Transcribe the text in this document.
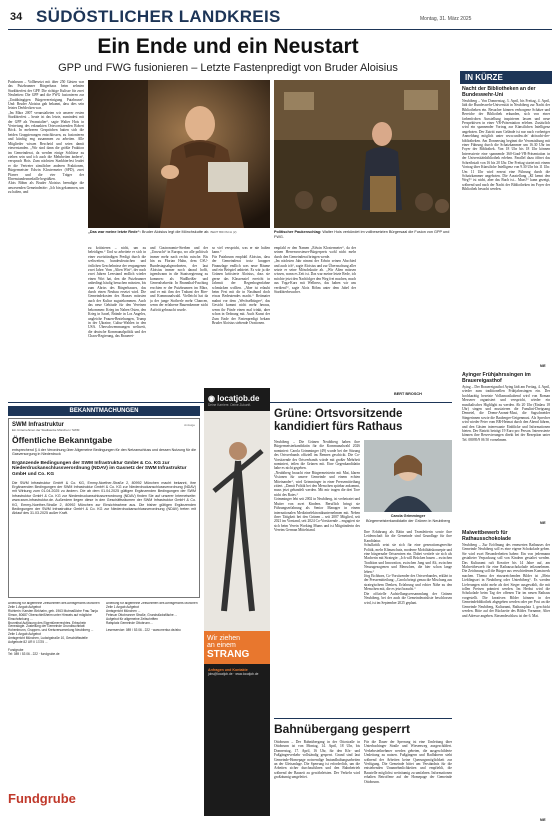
34 SÜDÖSTLICHER LANDKREIS	Montag, 31. März 2025
Ein Ende und ein Neustart
GPP und FWG fusionieren – Letzte Fastenpredigt von Bruder Aloisius
Putzbrunn – Vollbesetzt mit über 250 Gästen war das Putzbrunner Bürgerhaus beim zehnten Starkbierfest der GPP. Die richtige Kulisse für zwei Neuheiten: Die GPP und die FWG fusionieren zur „Unabhängigen Bürgervereinigung Putzbrunn“. Und: Bruder Aloisius gab bekannt, dass dies sein letztes Derblecken war.
„Im März 2007 veranstalteten wir unserer ersten Starkbierfest – heute ist das letzte, zumindest mit der GPP als Veranstalter“, sagte Walter Hois in Vertretung des erkrankten Ortsvorsitzenden Robert Böck. In mehreren Gesprächen hatten sich die beiden Gruppierungen entschlossen, zu fusionieren und künftig eng zusammen zu arbeiten. Alle Mitglieder wissen Bescheid und seien damit einverstanden. „Wir sind dann die größte Fraktion im Gemeinderat, da werden einige Schlüsse zu ziehen sein und ich auch die Mehrheiten ändern“, versprach Hois. Zum nächsten Starkbierfest leadet er die Vertreter sämtlicher anderen Fraktionen, Bürgermeister Edwin Klostermeier (SPD), zwei Pfarrer und die vier Träger der Ehrenstandesmedaille begrüßten.
Alois Böhm als Bruder Aloisius beendigte die anwesenden Gemeinderäte: „Ich bin gekommen, um zu halten, und
„Das war meine letzte Rede“: Bruder Aloisius legt die Mönchskutte ab. BERT BROSCH (2)	Politischer Paukenschlag: Walter Hois verkündet im vollbesetzten Bürgersaal die Fusion von GPP und FWG.
zu kritisieren – nicht, um zu beleidigen.“ Und so arbeitete er sich in einer zweistündigen Predigt durch die weltweiten, bundesdeutschen und örtlichen Geschehnisse der vergangenen zwei Jahre. Vom „Alten Wirt“, der nach zwei Jahren Leerstand endlich wieder einen Wirt hat, den die Putzbrunner unbedingt häufig besuchen müssten, bis zum Abriss des Bürgerhauses, das durch einen Neubau ersetzt wird. Die Gemeindekosten des Hauses müssten auch der Kultur zugutekommen. Auch das neue Gebäude für den Vereinen bekommen: Krieg im Nahen Osten, den Krieg in Israel, Brände in Los Angeles, ungleiche Frauen-Beziehungen, Trump in der Ukraine, Cultur-Wahlen in den USA. Überschwemmungen weltweit, die deutsche Kommunalpolitik und der Chaos-Regierung, das Brauerei-
und Gastronomie-Sterben und der „Unwucht“ in Europa, wo alle politisch immer mehr nach rechts rutsche. Bis hin zu Florian Hahn, dem CSU-Bundestagsabgeordneten, der laut Aloisius immer noch darauf hofft, irgendwann in die Staatsregierung zu kommen: als Wadlbeißer und Generalsekretär. In Brunnthal-Fasching erschien er der Putzbrunnen im März, und er mit ihm der Trabant der Bier- und Kommunalwahl. Vielleicht hat da ja der junge Stoiberle mehr Chancen, wenn der erfahrene Bauernkenner nicht Auftritt gebraucht wurde.
so viel verspricht, was er nie halten kann.“
Für Putzbrunn empfahl Aloisius, dass der Gemeinderat trotz knapper Finanzlage endlich was neue Bäume und ein Beispiel anbietet. Es wär ja die Grünen kritisierte Aloisius, dass sie gerne das Klassenziel erreicht in Jahrmit der Regenbogenfahne schmücken wollten. „Aber ist erlaubt beim Fest mit dir in Nastbund doch etwas Bedeutendes macht.“ Reitmaier mahnt vor dem „Wechselbürger“, das Gesicht kommt nicht mehr heraus, wenn ihr Fünfe einen mal trinkt, aber schon in Ordnung mit. Auch Kunst der Zum Ende der Fastenpredigt bekam Bruder Aloisius stehende Ovationen.
empfahl er den Namen „Edwin Klostermeier“, da der seinen Herrenvorsteuer-Bürgerpreis wohl nicht mehr durch den Gemeinderat bringen werde.
„Im nächsten Jahr nimmt der Edwin seinen Abschied und auch ich“, sagte Aloisius und zur Überraschung aller setzte er seine Mönchskutte ab. „Wir Alten müssen wissen, wann es Zeit ist. Das war meine letzte Rede, ich möchte jetzt den Nachfolger den Weg frei machen, mach aus Yoga-Kurs mit Wellness, das haben wir uns verdient!“, sagte Alois Böhm unter dem Jubel der Starkbierbesucher.
BERT BROSCH
IN KÜRZE
Nacht der Bibliotheken an der Bundeswehr-Uni
Neubiberg – Von Donnerstag, 3. April, bis Freitag, 4. April, lädt die Bundeswehr-Universität in Neubiberg zur Nacht der Bibliotheken ein. Besucher können verborgene Schätze und Bereiche der Bibliothek erkunden, sich von einer farbenfrohen Ausstellung inspirieren lassen und neue Perspektiven in einer VR-Präsentation erleben. Zusätzlich wird ein spannender Vortrag zur Künstlichen Intelligenz angeboten. Der Zutritt zum Gelände ist nur nach vorheriger Anmeldung möglich unter www.unibw.de/ ub/nacht-der-bibliotheken. Am Donnerstag beginnt die Veranstaltung mit einer Führung durch die Schatzkammer um 16.30 Uhr im Foyer der Bibliothek. Von 18 Uhr bis 18 Uhr können Interessierte eine spannende 360-Grad-VR-Präsentation in der Universitätsbibliothek erleben. Parallel dazu öffnet das Schreibstaft von 16 bis 20 Uhr. Der Freitag startet mit einem Vortrag über Künstliche Intelligenz von 9.30 Uhr bis 11 Uhr. Um 11 Uhr wird erneut eine Führung durch die Schatzkammer angeboten. Die Ausstellung „KI kennt den Weg?“ ist nicht, aber das Buch ist... Muss?“ kann gezeigt, während und nach der Nacht der Bibliotheken im Foyer der Bibliothek besucht werden.
NIE
Ayinger Frühjahrssingen im Brauereigasthof
Aying – Der Brauereigasthof Aying lädt am Freitag, 4. April, wieder zum traditionellen Frühjahrssingen ein. Der hochkarätig besetzte Volksmusikabend wird von Roman Messerer organisiert und verspricht, wieder ein musikalisches Highlight zu werden. Ab 20 Uhr (Einlass 18 Uhr) singen und musizieren die Fanulini-Dreigsang Demetel, die Drenn-Aronnt-Musi, die Sagschneider Sängerinnen sowie die Bauberger-Geigenmusi. Als Sprecher wird wieder Peter vom BR-Heimat durch den Abend führen, und den Gästen interessante Einblicke und Informationen bieten. Der Eintritt beträgt 19 Euro pro Person. Interessierte können ihre Reservierungen direkt bei der Rezeption unter Tel. 08095/9 06 50 vornehmen.
NIE
Malwettbewerb für Rathausschokolade
Neubiberg – Zur Eröffnung des erneuerten Rathauses der Gemeinde Neubiberg soll es eine eigene Schokolade geben. Sie wird zwei Besonderheiten haben: Ein von jedermann gestalteter Verpackung soll von Kindern gestaltet werden. Das Kulturamt ruft Kreative bis 14 Jahre auf, am Malwettbewerb für eine Rathausschokolade teilzunehmen. Die Zeichnung soll die Bürger aus verschiedenen Kunstwerk machen. Thema der einzureichenden Bilder ist „Mein Lieblingsort in Neubiberg oder Unterbiberg“. Es werden Lieferungen nicht mehr als drei Sieger ausgewählt, die mit tollen Preisen prämiert werden. Im Herbst wird die Schokolade beim Tag der offenen Tür im neuen Rathaus vorgestellt. Die kreativen Bilder können in der Gemeindebibliothek abgegeben werden oder per Post an die Gemeinde Neubiberg, Kulturamt, Rathausplatz 1, geschickt werden. Bitte auf der Rückseite des Bildes Vorname, Alter und Adresse angeben. Einsendeschluss ist der 6. Mai.
NIE
BEKANNTMACHUNGEN
SWM Infrastruktur
Ein Unternehmen der Stadtwerke München / SWM
Anzeige
Öffentliche Bekanntgabe
entsprechend § 4 der Verordnung über Allgemeine Bedingungen für den Netzanschluss und dessen Nutzung für die Gasversorgung in Niederdruck
Ergänzende Bedingungen der SWM Infrastruktur GmbH & Co. KG zur Niederdruckanschlussverordnung (NDAV) im Gasnetz der SWM Infrastruktur GmbH und Co. KG
Die SWM Infrastruktur GmbH & Co. KG, Emmy-Noether-Straße 2, 80992 München macht bekannt, ihre Ergänzenden Bedingungen der SWM Infrastruktur GmbH & Co. KG zur Niederdruckanschlussverordnung (NDAV) mit Wirkung zum 01.04.2025 zu ändern. Die ab dem 01.04.2025 gültigen Ergänzenden Bedingungen der SWM Infrastruktur GmbH & Co. KG zur Niederdruckanschlussverordnung (NDAV) finden Sie auf unserer Internetseite: www.swm-infrastruktur.de. Außerdem liegen diese in den Geschäftsräumen der SWM Infrastruktur GmbH & Co. KG, Emmy-Noether-Straße 2, 80992 München zur Einsichtnahme aus. Die bisher gültigen Ergänzenden Bedingungen der SWM Infrastruktur GmbH & Co. KG zur Niederdruckanschlussverordnung (NDAV) treten mit Ablauf des 31.03.2025 außer Kraft.
Anleitung für allgemeine Zeitschriften des Amtsgerichts München
Zeile 1 Angab Aufgebot
Richterin: Karsten Birkhahn, geb. 1963 Mutmaßliche Frau Tanja Simon, 80687 Oberschleißheim unter Hinweis auf mögliche Einschränkung ...
Brunnthal Auflösung des Eigentümerrechtes. Erbschein Genealogie. Zustellung der Gemeinde Grundbuchblatt Hohenbrunn, Gruppen- und Kreisversammlung Neubiberg ...
Zeile 1 Angab Aufgebot
Amtsgericht München, Ludwigstraße 10, Geschäftsstelle Aufgebote 82 UR II 17/25 ...

Fundgrube
Tel: 089 / 53 06 - 222 · fundgrube.de
Anleitung für allgemeine Zeitschriften des Amtsgerichts München
Zeile 1 Angab Aufgebot
Amtsgericht München ...
Februar Ottobrunner Straße, Grundstücksfläche ...
Aufgebot für allgemeine Zeitschriften
Ratsplatz Gemeinde Ottobrunn...

Leserservice: 089 / 53 06 - 222 · www.merkur.de/abo
Fundgrube
◉ locatjob.de
Deine Karriere. Deine Zukunft.
Wir ziehen
an einem
STRANG
Anfragen und Kontakte
jobs@locatjob.de · www.locatjob.de
Grüne: Ortsvorsitzende kandidiert fürs Rathaus
Neubiberg – Die Grünen Neubiberg haben ihre Bürgermeisterkandidatin für die Kommunalwahl 2026 nominiert: Carola Grimminger (49) wurde bei der Sitzung des Ortsverbands offiziell ins Rennen geschickt. Die Co-Vorsitzende des Ortsverbands würde mit großer Mehrheit nominiert, teilen die Grünen mit. Eine Gegenkandidatin habe es nicht gegeben.
„Neubiberg braucht eine Bürgermeisterin mit Mut, klaren Visionen für unsere Gemeinde und einem echten Miteinander“, wird Grimminger in einer Pressemitteilung zitiert. „Damit Politik bei den Menschen spürbar ankommt, muss jetzt gehandelt werden. Mit mir tragen die drei Tore nicht des Rates.“
Grimminger lebt seit 2002 in Neubiberg, ist verheiratet und Mutter von zwei Kindern. Beruflich bringt sie Führungserfahrung als Senior Manager in einem internationalen Medizinelektronikunternehmen mit. Neben ihrer Tätigkeit bei den Grünen – seit 2007 Mitglied, seit 2021 im Vorstand, seit 2024 Co-Vorsitzende – engagiert sie sich beim Verein Working Mums und ist Mitgründerin des Vereins German Mittelstand.
Carola Grimminger
Bürgermeisterkandidatin der Grünen in Neubiberg
Ihre Erfahrung als Rätin und Teamleiterin sowie ihre Leidenschaft für die Gemeinde sind Grundlage für ihre Kandidatur.
Schulkritik setzt sie sich für eine generationsgerechte Politik, mehr Klimaschutz, moderne Mobilitätskonzepte und eine bürgernahe Ortszentren ein. Dabei vertiefe sie sich als Macherin mit Strategie: „Ich will Brücken bauen – zwischen Tradition und Innovation, zwischen Jung und Alt, zwischen Neuzugezogenen und Menschen, die hier schon lange leben.“
Jörg Eichhorn, Co-Vorsitzender des Ortsverbandes, erklärt in der Pressemitteilung: „Carola bringt genau die Mischung aus strategischem Denken, Erfahrung und echter Nähe zu den Menschen mit, die es jetzt braucht.“
Die offizielle Aufstellungsversammlung der Grünen Neubiberg, bei der auch die Gemeinderatsliste beschlossen wird, ist im September 2025 geplant.
Bahnübergang gesperrt
Ottobrunn – Der Bahnübergang in der Ottostraße in Ottobrunn ist von Montag, 14. April, 18 Uhr, bis Donnerstag, 17. April, 16 Uhr, für den Kfz- und Fußgängerverkehr vollständig gesperrt. Grund sind laut Gemeinde-Homepage notwendige Instandhaltungsarbeiten an der Gleisanlage. Die Sperrung ist erforderlich, um die Arbeiten sicher durchzuführen und den Bahnbetrieb während der Bauzeit zu gewährleisten. Der Verkehr wird großräumig umgeleitet.
Für die Dauer der Sperrung ist eine Umleitung über Unterhachinger Straße und Wiesenweg ausgeschildert. Verkehrsteilnehmer werden gebeten, die ausgeschilderte Umleitung zu nutzen. Fußgängern und Radfahrern steht während der Arbeiten keine Querungsmöglichkeit zur Verfügung. Die Gemeinde bittet um Verständnis für die entstehenden Unannehmlichkeiten und empfiehlt, die Baustelle möglichst weiträumig zu umfahren. Informationen erhalten Betroffene auf der Homepage der Gemeinde Ottobrunn.
